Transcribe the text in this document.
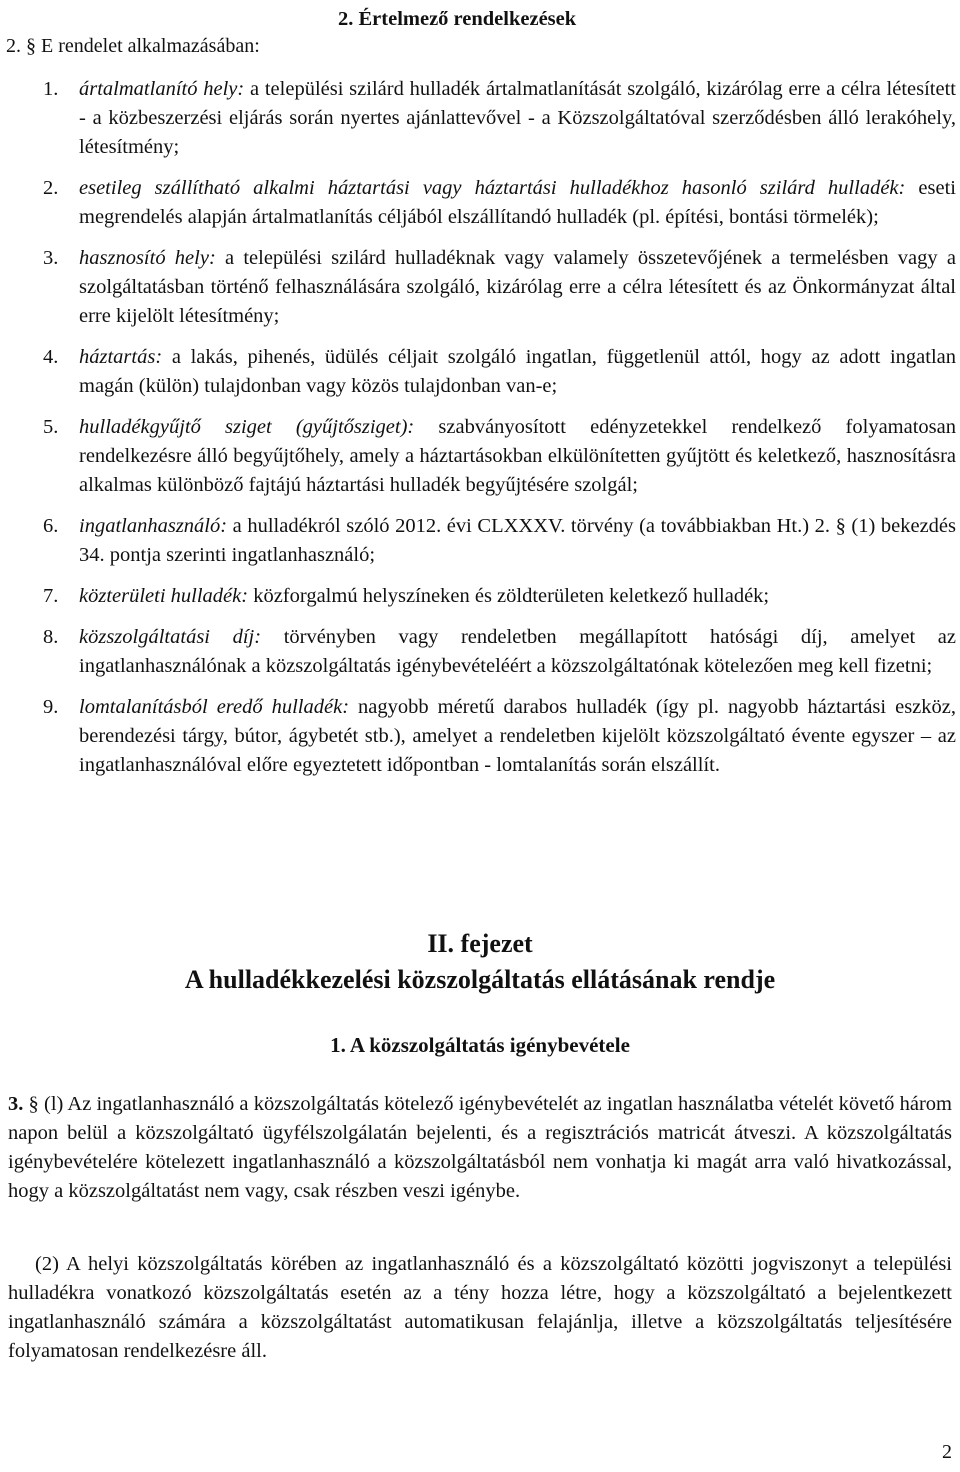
2. § E rendelet alkalmazásában:
2. Értelmező rendelkezések
1. ártalmatlanító hely: a települési szilárd hulladék ártalmatlanítását szolgáló, kizárólag erre a célra létesített - a közbeszerzési eljárás során nyertes ajánlattevővel - a Közszolgáltatóval szerződésben álló lerakóhely, létesítmény;
2. esetileg szállítható alkalmi háztartási vagy háztartási hulladékhoz hasonló szilárd hulladék: eseti megrendelés alapján ártalmatlanítás céljából elszállítandó hulladék (pl. építési, bontási törmelék);
3. hasznosító hely: a települési szilárd hulladéknak vagy valamely összetevőjének a termelésben vagy a szolgáltatásban történő felhasználására szolgáló, kizárólag erre a célra létesített és az Önkormányzat által erre kijelölt létesítmény;
4. háztartás: a lakás, pihenés, üdülés céljait szolgáló ingatlan, függetlenül attól, hogy az adott ingatlan magán (külön) tulajdonban vagy közös tulajdonban van-e;
5. hulladékgyűjtő sziget (gyűjtősziget): szabványosított edényzetekkel rendelkező folyamatosan rendelkezésre álló begyűjtőhely, amely a háztartásokban elkülönítetten gyűjtött és keletkező, hasznosításra alkalmas különböző fajtájú háztartási hulladék begyűjtésére szolgál;
6. ingatlanhasználó: a hulladékról szóló 2012. évi CLXXXV. törvény (a továbbiakban Ht.) 2. § (1) bekezdés 34. pontja szerinti ingatlanhasználó;
7. közterületi hulladék: közforgalmú helyszíneken és zöldterületen keletkező hulladék;
8. közszolgáltatási díj: törvényben vagy rendeletben megállapított hatósági díj, amelyet az ingatlanhasználónak a közszolgáltatás igénybevételéért a közszolgáltatónak kötelezően meg kell fizetni;
9. lomtalanításból eredő hulladék: nagyobb méretű darabos hulladék (így pl. nagyobb háztartási eszköz, berendezési tárgy, bútor, ágybetét stb.), amelyet a rendeletben kijelölt közszolgáltató évente egyszer – az ingatlanhasználóval előre egyeztetett időpontban - lomtalanítás során elszállít.
II. fejezet
A hulladékkezelési közszolgáltatás ellátásának rendje
1. A közszolgáltatás igénybevétele
3. § (l) Az ingatlanhasználó a közszolgáltatás kötelező igénybevételét az ingatlan használatba vételét követő három napon belül a közszolgáltató ügyfélszolgálatán bejelenti, és a regisztrációs matricát átveszi. A közszolgáltatás igénybevételére kötelezett ingatlanhasználó a közszolgáltatásból nem vonhatja ki magát arra való hivatkozással, hogy a közszolgáltatást nem vagy, csak részben veszi igénybe.
(2) A helyi közszolgáltatás körében az ingatlanhasználó és a közszolgáltató közötti jogviszonyt a települési hulladékra vonatkozó közszolgáltatás esetén az a tény hozza létre, hogy a közszolgáltató a bejelentkezett ingatlanhasználó számára a közszolgáltatást automatikusan felajánlja, illetve a közszolgáltatás teljesítésére folyamatosan rendelkezésre áll.
2
